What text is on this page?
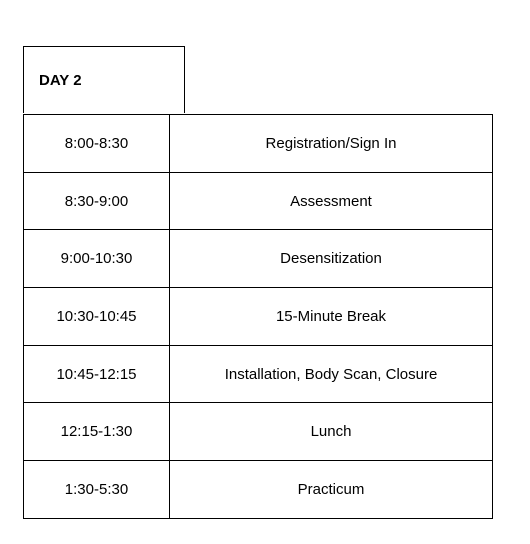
DAY 2
8:00-8:30	Registration/Sign In
8:30-9:00	Assessment
9:00-10:30	Desensitization
10:30-10:45	15-Minute Break
10:45-12:15	Installation, Body Scan, Closure
12:15-1:30	Lunch
1:30-5:30	Practicum
